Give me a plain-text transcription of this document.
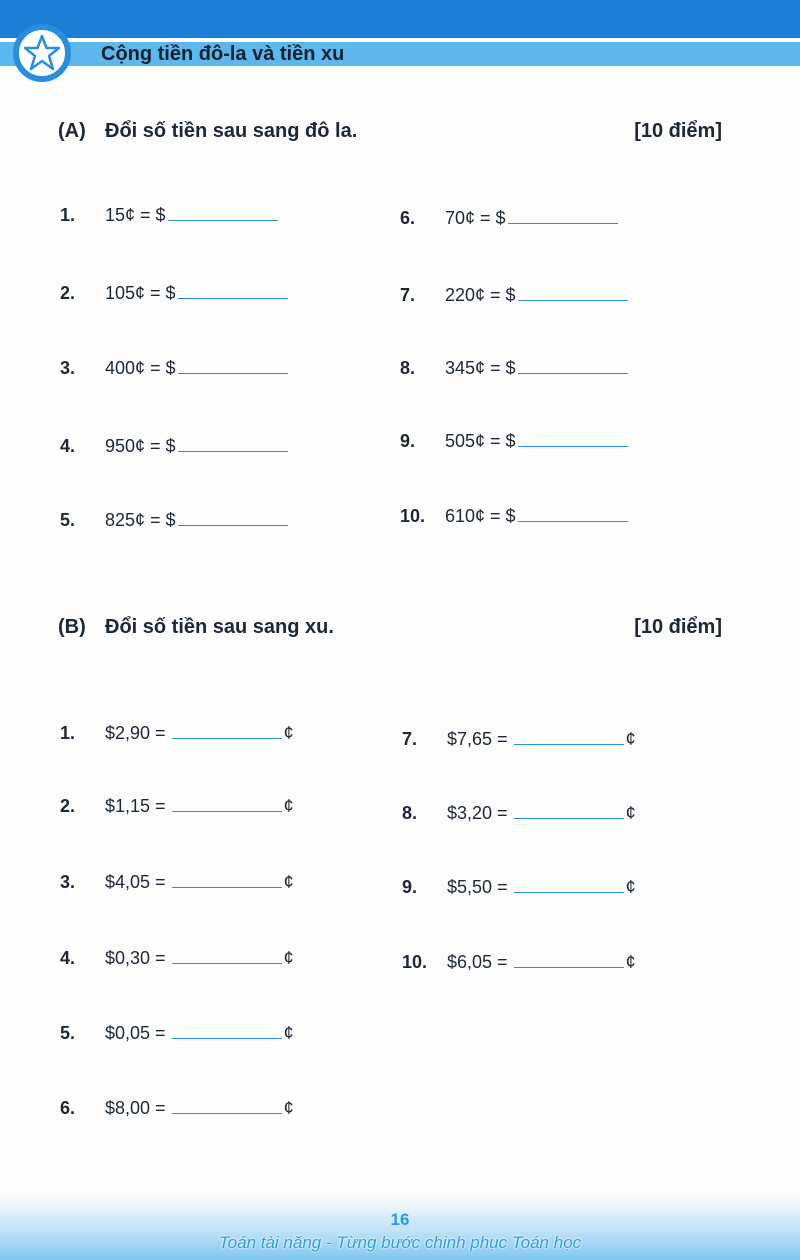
Cộng tiền đô-la và tiền xu
(A) Đổi số tiền sau sang đô la.	[10 điểm]
1.	15¢ = $
2.	105¢ = $
3.	400¢ = $
4.	950¢ = $
5.	825¢ = $
6.	70¢ = $
7.	220¢ = $
8.	345¢ = $
9.	505¢ = $
10.	610¢ = $
(B) Đổi số tiền sau sang xu.	[10 điểm]
1.	$2,90 =	¢
2.	$1,15 =	¢
3.	$4,05 =	¢
4.	$0,30 =	¢
5.	$0,05 =	¢
6.	$8,00 =	¢
7.	$7,65 =	¢
8.	$3,20 =	¢
9.	$5,50 =	¢
10.	$6,05 =	¢
16
Toán tài năng - Từng bước chinh phục Toán học
